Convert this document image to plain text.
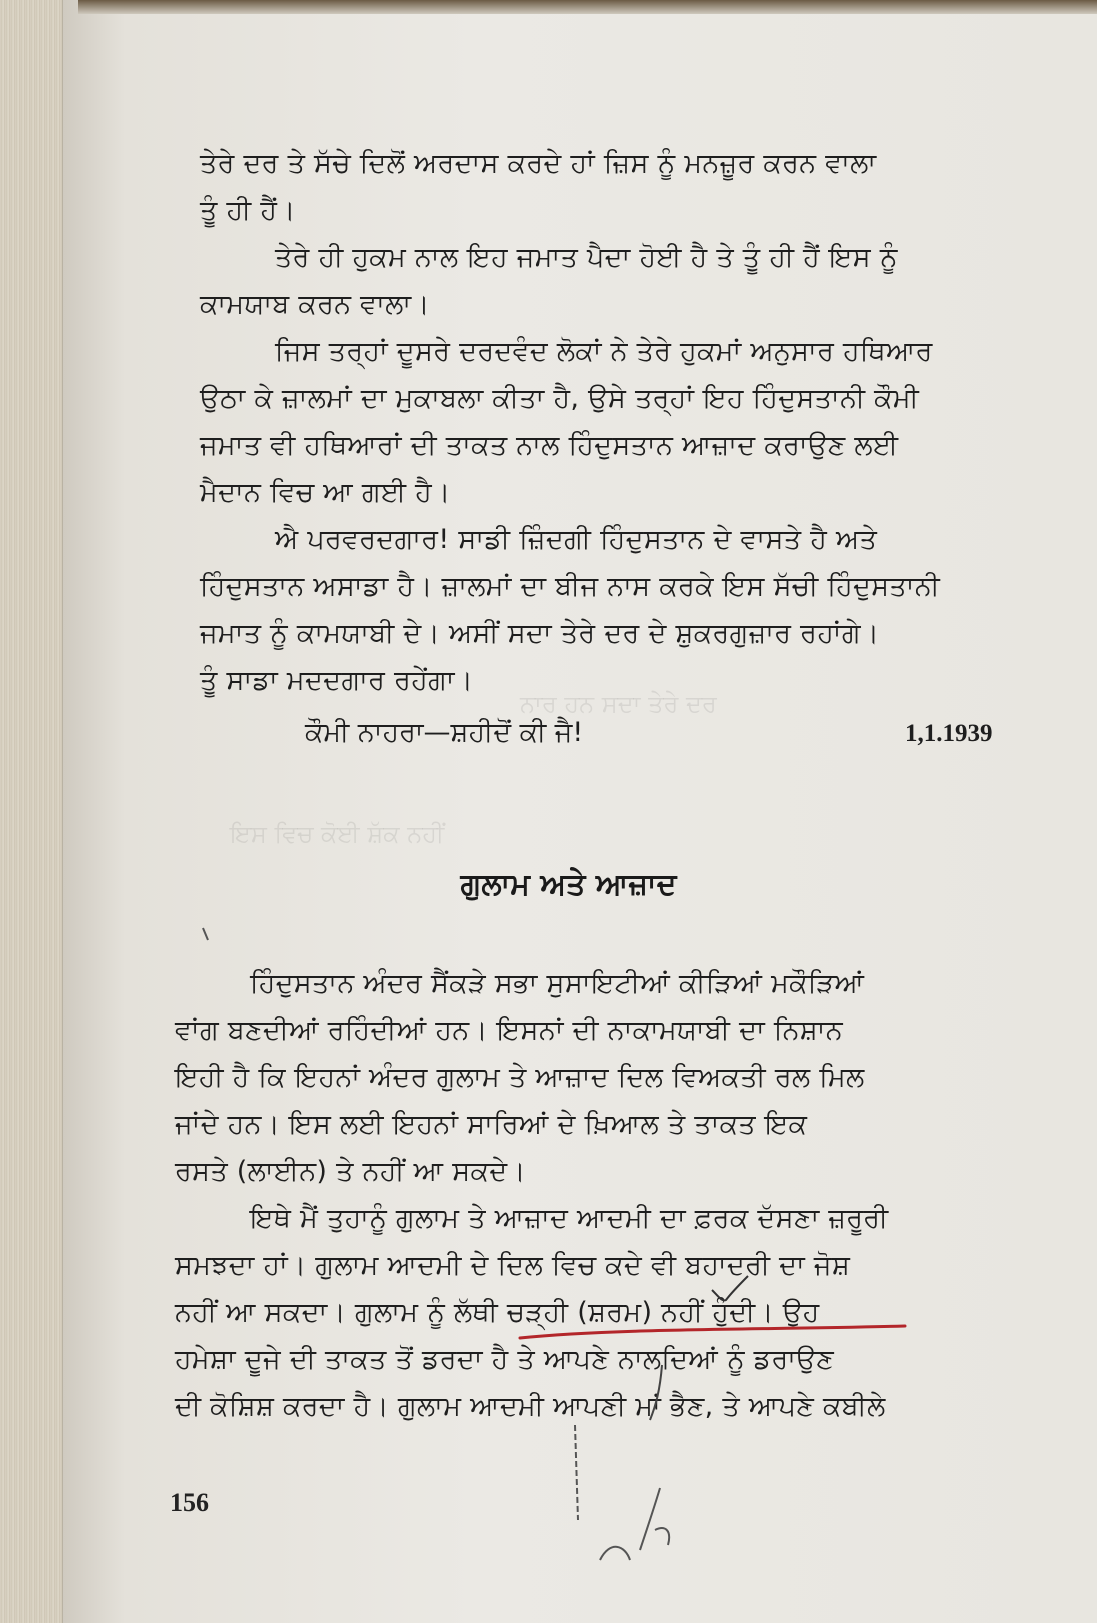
ਨਾਰ ਹਨ ਸਦਾ ਤੇਰੇ ਦਰ
ਇਸ ਵਿਚ ਕੋਈ ਸ਼ੱਕ ਨਹੀਂ
ਤੇਰੇ ਦਰ ਤੇ ਸੱਚੇ ਦਿਲੋਂ ਅਰਦਾਸ ਕਰਦੇ ਹਾਂ ਜ਼ਿਸ ਨੂੰ ਮਨਜ਼ੂਰ ਕਰਨ ਵਾਲਾ
ਤੂੰ ਹੀ ਹੈਂ।
ਤੇਰੇ ਹੀ ਹੁਕਮ ਨਾਲ ਇਹ ਜਮਾਤ ਪੈਦਾ ਹੋਈ ਹੈ ਤੇ ਤੂੰ ਹੀ ਹੈਂ ਇਸ ਨੂੰ
ਕਾਮਯਾਬ ਕਰਨ ਵਾਲਾ।
ਜਿਸ ਤਰ੍ਹਾਂ ਦੂਸਰੇ ਦਰਦਵੰਦ ਲੋਕਾਂ ਨੇ ਤੇਰੇ ਹੁਕਮਾਂ ਅਨੁਸਾਰ ਹਥਿਆਰ
ਉਠਾ ਕੇ ਜ਼ਾਲਮਾਂ ਦਾ ਮੁਕਾਬਲਾ ਕੀਤਾ ਹੈ, ਉਸੇ ਤਰ੍ਹਾਂ ਇਹ ਹਿੰਦੁਸਤਾਨੀ ਕੌਮੀ
ਜਮਾਤ ਵੀ ਹਥਿਆਰਾਂ ਦੀ ਤਾਕਤ ਨਾਲ ਹਿੰਦੁਸਤਾਨ ਆਜ਼ਾਦ ਕਰਾਉਣ ਲਈ
ਮੈਦਾਨ ਵਿਚ ਆ ਗਈ ਹੈ।
ਐ ਪਰਵਰਦਗਾਰ! ਸਾਡੀ ਜ਼ਿੰਦਗੀ ਹਿੰਦੁਸਤਾਨ ਦੇ ਵਾਸਤੇ ਹੈ ਅਤੇ
ਹਿੰਦੁਸਤਾਨ ਅਸਾਡਾ ਹੈ। ਜ਼ਾਲਮਾਂ ਦਾ ਬੀਜ ਨਾਸ ਕਰਕੇ ਇਸ ਸੱਚੀ ਹਿੰਦੁਸਤਾਨੀ
ਜਮਾਤ ਨੂੰ ਕਾਮਯਾਬੀ ਦੇ। ਅਸੀਂ ਸਦਾ ਤੇਰੇ ਦਰ ਦੇ ਸ਼ੁਕਰਗੁਜ਼ਾਰ ਰਹਾਂਗੇ।
ਤੂੰ ਸਾਡਾ ਮਦਦਗਾਰ ਰਹੇਂਗਾ।
ਕੌਮੀ ਨਾਹਰਾ—ਸ਼ਹੀਦੋਂ ਕੀ ਜੈ!	1,1.1939
ਗੁਲਾਮ ਅਤੇ ਆਜ਼ਾਦ
ਹਿੰਦੁਸਤਾਨ ਅੰਦਰ ਸੈਂਕੜੇ ਸਭਾ ਸੁਸਾਇਟੀਆਂ ਕੀੜਿਆਂ ਮਕੌੜਿਆਂ
ਵਾਂਗ ਬਣਦੀਆਂ ਰਹਿੰਦੀਆਂ ਹਨ। ਇਸਨਾਂ ਦੀ ਨਾਕਾਮਯਾਬੀ ਦਾ ਨਿਸ਼ਾਨ
ਇਹੀ ਹੈ ਕਿ ਇਹਨਾਂ ਅੰਦਰ ਗੁਲਾਮ ਤੇ ਆਜ਼ਾਦ ਦਿਲ ਵਿਅਕਤੀ ਰਲ ਮਿਲ
ਜਾਂਦੇ ਹਨ। ਇਸ ਲਈ ਇਹਨਾਂ ਸਾਰਿਆਂ ਦੇ ਖ਼ਿਆਲ ਤੇ ਤਾਕਤ ਇਕ
ਰਸਤੇ (ਲਾਈਨ) ਤੇ ਨਹੀਂ ਆ ਸਕਦੇ।
ਇਥੇ ਮੈਂ ਤੁਹਾਨੂੰ ਗੁਲਾਮ ਤੇ ਆਜ਼ਾਦ ਆਦਮੀ ਦਾ ਫ਼ਰਕ ਦੱਸਣਾ ਜ਼ਰੂਰੀ
ਸਮਝਦਾ ਹਾਂ। ਗੁਲਾਮ ਆਦਮੀ ਦੇ ਦਿਲ ਵਿਚ ਕਦੇ ਵੀ ਬਹਾਦਰੀ ਦਾ ਜੋਸ਼
ਨਹੀਂ ਆ ਸਕਦਾ। ਗੁਲਾਮ ਨੂੰ ਲੱਥੀ ਚੜ੍ਹੀ (ਸ਼ਰਮ) ਨਹੀਂ ਹੁੰਦੀ। ਉਹ
ਹਮੇਸ਼ਾ ਦੂਜੇ ਦੀ ਤਾਕਤ ਤੋਂ ਡਰਦਾ ਹੈ ਤੇ ਆਪਣੇ ਨਾਲਦਿਆਂ ਨੂੰ ਡਰਾਉਣ
ਦੀ ਕੋਸ਼ਿਸ਼ ਕਰਦਾ ਹੈ। ਗੁਲਾਮ ਆਦਮੀ ਆਪਣੀ ਮਾਂ ਭੈਣ, ਤੇ ਆਪਣੇ ਕਬੀਲੇ
156
